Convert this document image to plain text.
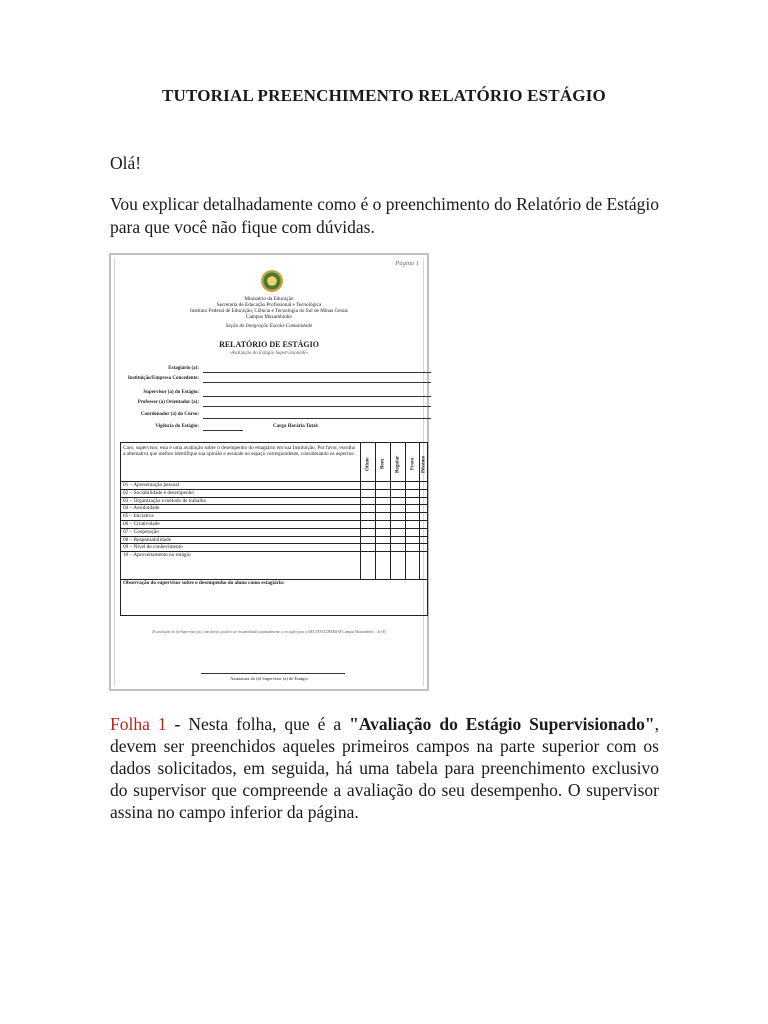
TUTORIAL PREENCHIMENTO RELATÓRIO ESTÁGIO
Olá!
Vou explicar detalhadamente como é o preenchimento do Relatório de Estágio para que você não fique com dúvidas.
Página 1
Ministério da Educação
Secretaria de Educação Profissional e Tecnológica
Instituto Federal de Educação, Ciência e Tecnologia do Sul de Minas Gerais
Campus Muzambinho
Seção de Integração Escola-Comunidade
RELATÓRIO DE ESTÁGIO
-Avaliação do Estágio Supervisionado-
Estagiário (a):
Instituição/Empresa Concedente:
Supervisor (a) do Estágio:
Professor (a) Orientador (a):
Coordenador (a) do Curso:
Vigência do Estágio:	Carga Horária Total:
Caro, supervisor, esta é uma avaliação sobre o desempenho do estagiário em sua Instituição. Por favor, escolha a alternativa que melhor identifique sua opinião e assinale no espaço correspondente, considerando os aspectos:
Ótimo	Bom	Regular	Fraco	Péssimo
01 – Apresentação pessoal
02 – Sociabilidade e desempenho
03 – Organização e método de trabalho
04 – Assiduidade
05 – Iniciativa
06 – Criatividade
07 – Cooperação
08 – Responsabilidade
09 – Nível de conhecimento
10 – Aproveitamento no estágio
Observação do supervisor sobre o desempenho do aluno como estagiário:
(A avaliação do (a) Supervisor (a), com direito, poderá ser encaminhada separadamente e em sigilo para a SIEC/IFSULDEMINAS Campus Muzambinho – Set E)
Assinatura do (a) Supervisor (a) de Estágio
Folha 1 - Nesta folha, que é a "Avaliação do Estágio Supervisionado", devem ser preenchidos aqueles primeiros campos na parte superior com os dados solicitados, em seguida, há uma tabela para preenchimento exclusivo do supervisor que compreende a avaliação do seu desempenho. O supervisor assina no campo inferior da página.
